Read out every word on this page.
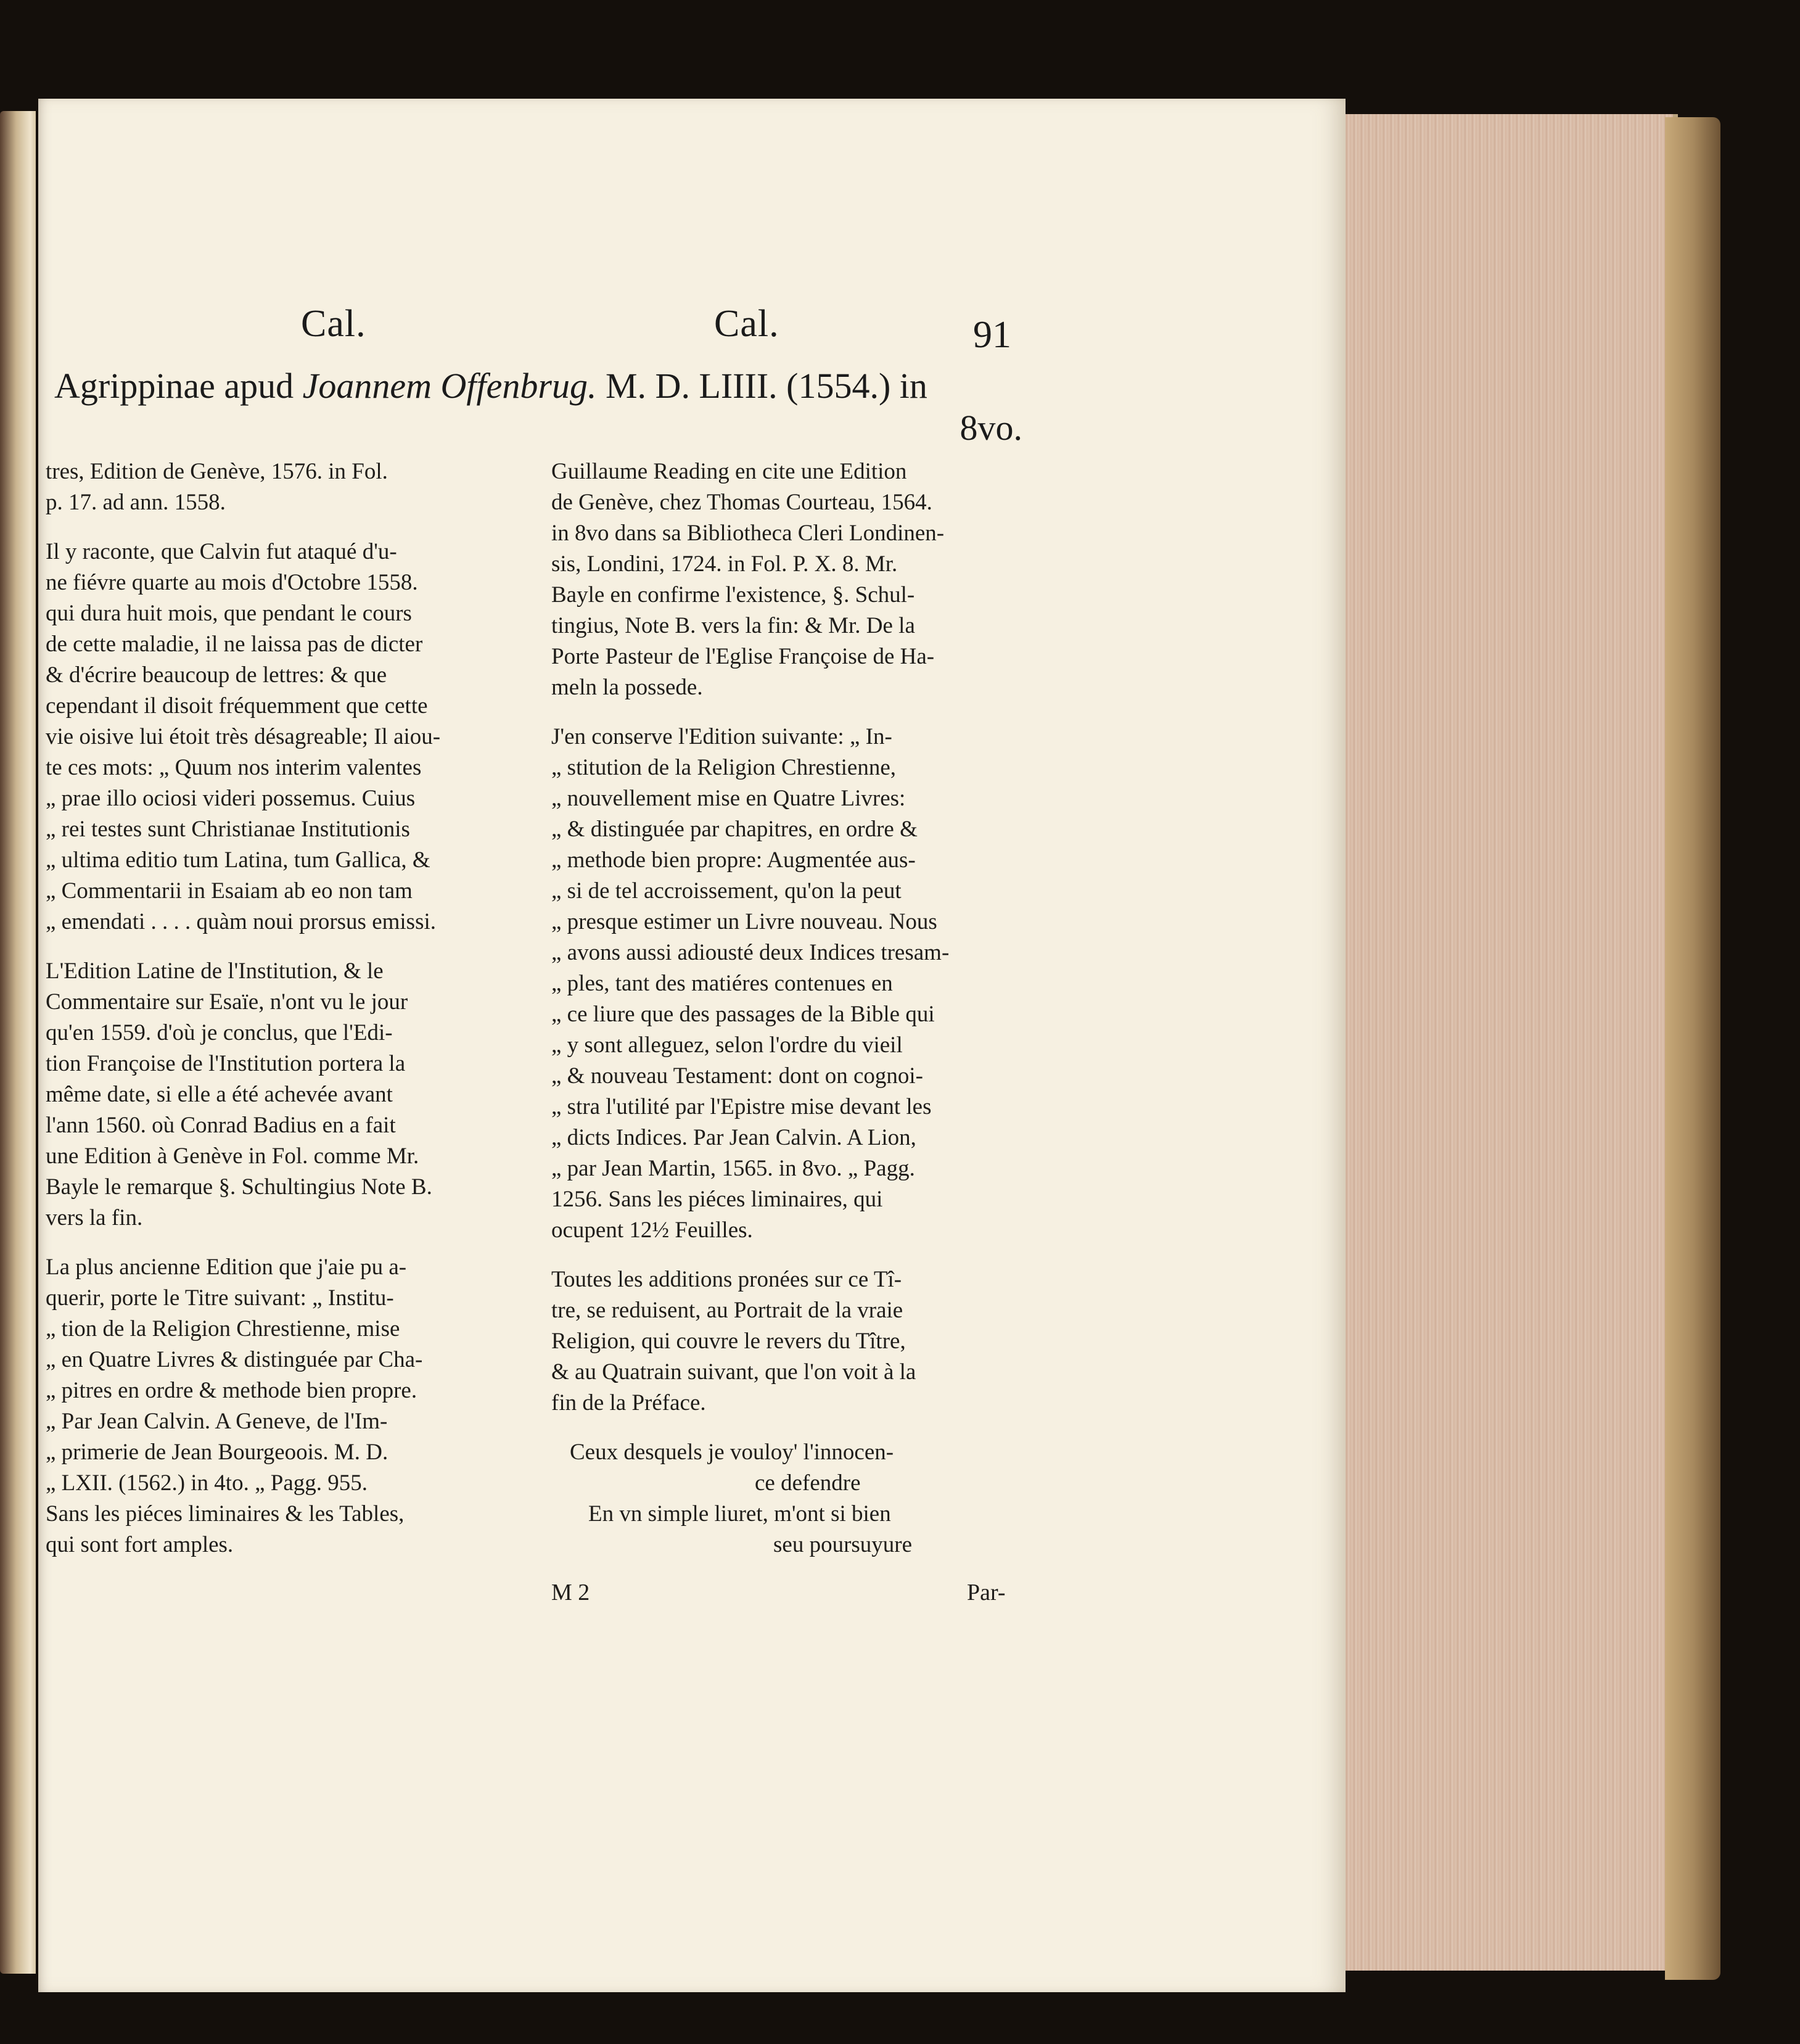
Cal.	Cal.	91
Agrippinae apud Joannem Offenbrug. M. D. LIIII. (1554.) in
8vo.

tres, Edition de Genève, 1576. in Fol.
p. 17. ad ann. 1558.

Il y raconte, que Calvin fut ataqué d'u-
ne fiévre quarte au mois d'Octobre 1558.
qui dura huit mois, que pendant le cours
de cette maladie, il ne laissa pas de dicter
& d'écrire beaucoup de lettres: & que
cependant il disoit fréquemment que cette
vie oisive lui étoit très désagreable; Il aiou-
te ces mots: „ Quum nos interim valentes
„ prae illo ociosi videri possemus. Cuius
„ rei testes sunt Christianae Institutionis
„ ultima editio tum Latina, tum Gallica, &
„ Commentarii in Esaiam ab eo non tam
„ emendati . . . . quàm noui prorsus emissi.

L'Edition Latine de l'Institution, & le
Commentaire sur Esaïe, n'ont vu le jour
qu'en 1559. d'où je conclus, que l'Edi-
tion Françoise de l'Institution portera la
même date, si elle a été achevée avant
l'ann 1560. où Conrad Badius en a fait
une Edition à Genève in Fol. comme Mr.
Bayle le remarque §. Schultingius Note B.
vers la fin.

La plus ancienne Edition que j'aie pu a-
querir, porte le Titre suivant: „ Institu-
„ tion de la Religion Chrestienne, mise
„ en Quatre Livres & distinguée par Cha-
„ pitres en ordre & methode bien propre.
„ Par Jean Calvin. A Geneve, de l'Im-
„ primerie de Jean Bourgeoois. M. D.
„ LXII. (1562.) in 4to. „ Pagg. 955.
Sans les piéces liminaires & les Tables,
qui sont fort amples.

Guillaume Reading en cite une Edition
de Genève, chez Thomas Courteau, 1564.
in 8vo dans sa Bibliotheca Cleri Londinen-
sis, Londini, 1724. in Fol. P. X. 8. Mr.
Bayle en confirme l'existence, §. Schul-
tingius, Note B. vers la fin: & Mr. De la
Porte Pasteur de l'Eglise Françoise de Ha-
meln la possede.

J'en conserve l'Edition suivante: „ In-
„ stitution de la Religion Chrestienne,
„ nouvellement mise en Quatre Livres:
„ & distinguée par chapitres, en ordre &
„ methode bien propre: Augmentée aus-
„ si de tel accroissement, qu'on la peut
„ presque estimer un Livre nouveau. Nous
„ avons aussi adiousté deux Indices tresam-
„ ples, tant des matiéres contenues en
„ ce liure que des passages de la Bible qui
„ y sont alleguez, selon l'ordre du vieil
„ & nouveau Testament: dont on cognoi-
„ stra l'utilité par l'Epistre mise devant les
„ dicts Indices. Par Jean Calvin. A Lion,
„ par Jean Martin, 1565. in 8vo. „ Pagg.
1256. Sans les piéces liminaires, qui
ocupent 12½ Feuilles.

Toutes les additions pronées sur ce Tî-
tre, se reduisent, au Portrait de la vraie
Religion, qui couvre le revers du Tître,
& au Quatrain suivant, que l'on voit à la
fin de la Préface.

Ceux desquels je vouloy' l'innocen-
ce defendre
En vn simple liuret, m'ont si bien
seu poursuyure
M 2	Par-
